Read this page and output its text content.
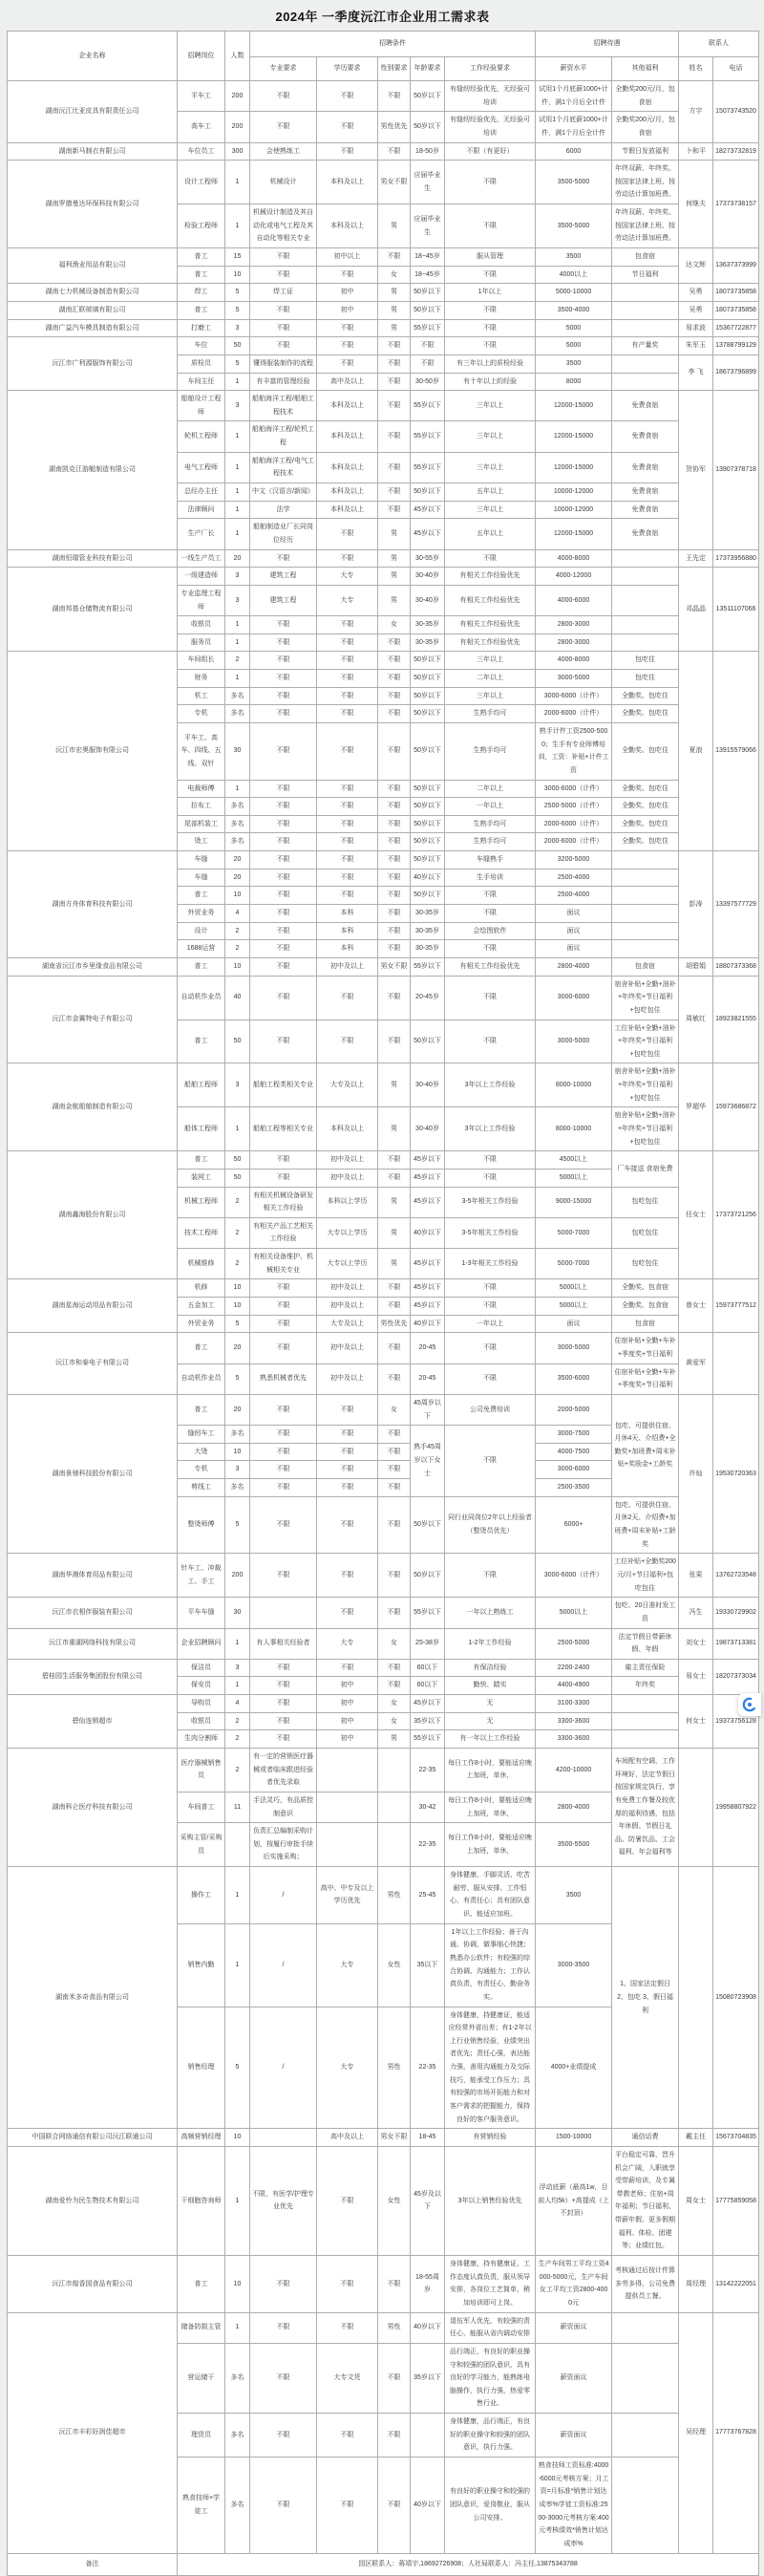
2024年 一季度沅江市企业用工需求表
企业名称	招聘岗位	人数	招聘条件					招聘待遇		联系人	
			专业要求	学历要求	性别要求	年龄要求	工作经验要求	薪资水平	其他福利	姓名	电话
湖南沅江比亚皮具有限责任公司	平车工	200	不限	不限	不限	50岁以下	有缝纫经验优先，无经验可培训	试用1个月底薪1000+计件，满1个月后全计件	全勤奖200元/月，包食宿	方宇	15073743520
	高车工	200	不限	不限	男性优先	50岁以下	有缝纫经验优先，无经验可培训	试用1个月底薪1000+计件，满1个月后全计件	全勤奖200元/月，包食宿		
湖南新马制衣有限公司	车位员工	300	会使熟练工	不限	不限	18-50岁	不限（有更好）	6000	节假日发放福利	卜和平	18273732819
湖南罗德曼达环保科技有限公司	设计工程师	1	机械设计	本科及以上	男女不限	应届毕业生	不限	3500-5000	年终双薪、年终奖、按国家法律上班、按劳动法计算加班费。	何继夫	17373738157
	检验工程师	1	机械设计制造及其自动化或电气工程及其自动化等相关专业	本科及以上	男	应届毕业生	不限	3500-5000	年终双薪、年终奖、按国家法律上班、按劳动法计算加班费。		
福利渔业用品有限公司	普工	15	不限	初中以上	不限	18~45岁	服从管理	3500	包食宿	达文辉	13637373999
	普工	10	不限	不限	女	18~45岁	不限	4000以上	节日福利		
湖南七力机械设备制造有限公司	焊工	5	焊工证	初中	男	50岁以下	1年以上	5000-10000		吴勇	18073735858
湖南汇联玻璃有限公司	普工	5	不限	初中	男	50岁以下	不限	3500-4000		吴勇	18073735858
湖南广益汽车模具制造有限公司	打磨工	3	不限	不限	男	55岁以下	不限	5000		易求波	15367722877
沅江市广利源服饰有限公司	车位	50	不限	不限	不限	不限	不限	5000	有产量奖	朱军玉	13788799129
	质检员	5	懂得服装制作的流程	不限	不限	不限	有三年以上的质检经验	3500		李 飞	18673796899
	车间主任	1	有丰富的管理经验	高中及以上	不限	30-50岁	有十年以上的经验	8000			
湖南凯克江游艇制造有限公司	船舶设计工程师	3	船舶海洋工程/船舶工程技术	本科及以上	不限	55岁以下	三年以上	12000-15000	免费食宿	贺协军	13907378718
	轮机工程师	1	船舶海洋工程/轮机工程	本科及以上	不限	55岁以下	三年以上	12000-15000	免费食宿		
	电气工程师	1	船舶海洋工程/电气工程技术	本科及以上	不限	55岁以下	三年以上	12000-15000	免费食宿		
	总经办主任	1	中文（汉语言/新闻）	本科及以上	不限	50岁以下	五年以上	10000-12000	免费食宿		
	法律顾问	1	法学	本科及以上	不限	45岁以下	三年以上	10000-12000	免费食宿		
	生产厂长	1	船舶制造业厂长同岗位经历	不限	男	45岁以下	五年以上	12000-15000	免费食宿		
湖南恒瑞管业科技有限公司	一线生产员工	20	不限	不限	男	30-55岁	不限	4000-8000		王先定	17373956880
湖南邦基仓储物流有限公司	一级建造师	3	建筑工程	大专	男	30-40岁	有相关工作经验优先	4000-12000		邓晶晶	13511107066
	专业监理工程师	3	建筑工程	大专	男	30-40岁	有相关工作经验优先	4000-6000			
	收银员	1	不限	不限	女	30-35岁	有相关工作经验优先	2800-3000			
	服务员	1	不限	不限	不限	30-35岁	有相关工作经验优先	2800-3000			
沅江市宏奥服饰有限公司	车间组长	2	不限	不限	不限	50岁以下	三年以上	4000-8000	包吃住	夏浪	13915579066
	财务	1	不限	不限	不限	50岁以下	二年以上	3000-5000	包吃住		
	机工	多名	不限	不限	不限	50岁以下	三年以上	3000-6000（计件）	全勤奖、包吃住		
	专机	多名	不限	不限	不限	50岁以下	生熟手均可	2000-6000（计件）	全勤奖、包吃住		
	平车工、高车、四线、五线、双针	30	不限	不限	不限	50岁以下	生熟手均可	熟手计件工资2500-5000；生手有专业师傅培训，工资：补贴+计件工资	全勤奖、包吃住		
	电裁师傅	1	不限	不限	不限	50岁以下	二年以上	3000-6000（计件）	全勤奖、包吃住		
	拉布工	多名	不限	不限	不限	50岁以下	一年以上	2500-5000（计件）	全勤奖、包吃住		
	尾部机装工	多名	不限	不限	不限	50岁以下	生熟手均可	2000-6000（计件）	全勤奖、包吃住		
	烫工	多名	不限	不限	不限	50岁以下	生熟手均可	2000-6000（计件）	全勤奖、包吃住		
湖南方舟体育科技有限公司	车缝	20	不限	不限	不限	50岁以下	车缝熟手	3200-5000		彭涛	13397577729
	车缝	20	不限	不限	不限	40岁以下	生手培训	2500-4000			
	普工	10	不限	不限	不限	50岁以下	不限	2500-4000			
	外贸业务	4	不限	本科	不限	30-35岁	不限	面议			
	设计	2	不限	本科	不限	30-35岁	会绘图软件	面议			
	1688运营	2	不限	本科	不限	30-35岁	不限	面议			
湖南省沅江市乡里缘食品有限公司	普工	10	不限	初中及以上	男女不限	55岁以下	有相关工作经验优先	2800-4000	包食宿	胡碧娟	18807373368
沅江市金翼特电子有限公司	自动机作业员	40	不限	不限	不限	20-45岁	不限	3000-6000	宿舍补贴+全勤+油补+年终奖+节日福利+包吃包住	周敏红	18923821555
	普工	50	不限	不限	不限	50岁以下	不限	3000-5000	工位补贴+全勤+油补+年终奖+节日福利+包吃包住		
湖南金航船舶制造有限公司	船舶工程师	3	船舶工程类相关专业	大专及以上	男	30-40岁	3年以上工作经验	8000-10000	宿舍补贴+全勤+油补+年终奖+节日福利+包吃包住	罗超华	15973686872
	船体工程师	1	船舶工程等相关专业	本科及以上	男	30-40岁	3年以上工作经验	8000-10000	宿舍补贴+全勤+油补+年终奖+节日福利+包吃包住		
湖南鑫海股份有限公司	普工	50	不限	初中及以上	不限	45岁以下	不限	4500以上	厂车接送 食宿免费	任女士	17373721256
	装网工	50	不限	初中及以上	不限	45岁以下	不限	5000以上			
	机械工程师	2	有相关机械设备研发相关工作经验	本科以上学历	男	45岁以下	3-5年相关工作经验	9000-15000	包吃包住		
	技术工程师	2	有相关产品工艺相关工作经验	大专以上学历	男	40岁以下	3-5年相关工作经验	5000-7000	包吃包住		
	机械维修	2	有相关设备维护、机械相关专业	大专以上学历	男	45岁以下	1-3年相关工作经验	5000-7000	包吃包住		
湖南星海运动用品有限公司	机修	10	不限	初中及以上	不限	45岁以下	不限	5000以上	全勤奖、包食宿	曾女士	15973777512
	五金加工	10	不限	初中及以上	不限	45岁以下	不限	5000以上	全勤奖、包食宿		
	外贸业务	5	不限	大专及以上	男性优先	40岁以下	一年以上	面议	包食宿		
沅江市和泰电子有限公司	普工	20	不限	初中及以上	不限	20-45	不限	3000-5000	住宿补贴+全勤+车补+季度奖+节日福利	黄爱军	
	自动机作业员	5	熟悉机械者优先	初中及以上	不限	20-45	不限	3500-6000	住宿补贴+全勤+车补+季度奖+节日福利		
湖南景驰科技股份有限公司	普工	20	不限	不限	女	45周岁以下	公司免费培训	2000-5000	包吃、可提供住宿、月休4天、介绍费+全勤奖+加班费+周末补贴+奖励金+工龄奖	许灿	19530720363
	缝纫车工	多名	不限	不限	不限	熟手45周岁以下女士	不限	3000-7500			
	大烫	10	不限	不限	不限			4000-7500			
	专机	3	不限	不限	不限			3000-6000			
	剪线工	多名	不限	不限	不限			2500-3500			
	整烫师傅	5	不限	不限	不限	50岁以下	同行业同岗位2年以上经验者（整烫员优先）	6000+	包吃、可提供住宿、月休2天、介绍费+加班费+周末补贴+工龄奖		
湖南华湘体育用品有限公司	针车工、冲裁工、手工	200	不限	不限	不限	50岁以下	不限	3000-6000（计件）	工位补贴+全勤奖200元/月+节日福利+包吃包住	张果	13762723548
沅江市衣相伴服装有限公司	平车车缝	30		不限	不限	55岁以下	一年以上熟练工	5000以上	包吃、20日准时发工资	冯生	19330729902
沅江市重湖网络科技有限公司	企业招聘顾问	1	有人事相关经验者	大专	女	25-38岁	1-2年工作经验	2500-5000	法定节假日带薪休假、年假	刘女士	19873713381
碧桂园生活服务集团股份有限公司	保洁员	3	不限	不限	不限	60以下	有保洁经验	2200-2400	雇主责任保险	易女士	18207373034
	保安员	1	不限	初中	不限	60以下	勤快、踏实	4400-4900	年终奖		
碧仙连锁超市	导购员	4	不限	初中	女	45岁以下	无	3100-3300		何女士	19373756128
	收银员	2	不限	初中	女	35岁以下	无	3300-3600			
	生肉分割师	2	不限	初中	男	55岁以下	有一年以上工作经验	3300-3600			
湖南科仑医疗科技有限公司	医疗器械销售员	2	有一定的营销医疗器械或者临床跟进经验者优先录取			22-35	每日工作8小时，要能适应晚上加班，单休，	4200-10000	车间配有空调，工作环境好，法定节假日按国家规定执行，享有免费工作餐及较优厚的福利待遇，包括年休假、节假日礼品、防暑饮品、工会福利、年会福利等		19958807922
	车间普工	11	手法灵巧，有品质控制意识			30-42	每日工作8小时，要能适应晚上加班，单休，	2800-4000			
	采购主管/采购员		负责汇总编制采购计划，按履行审批手续后实施采购；			22-35	每日工作8小时，要能适应晚上加班，单休，	3500-5500			
湖南米多奇食品有限公司	操作工	1	/	高中、中专及以上学历优先	男性	25-45	身体健康、手脚灵活、吃苦耐劳、服从安排、工作恒心、有责任心；具有团队意识、能适应加班。	3500	1、国家法定假日 2、包吃 3、假日福利		15080723908
	销售内勤	1	/	大专	女性	35以下	1年以上工作经验；善于沟通、协调，做事细心快捷；熟悉办公软件；有较强的综合协调、沟通能力；工作认真负责，有责任心，勤奋务实。	3000-3500			
	销售经理	5	/	大专	男性	22-35	身体健康，持健康证，能适应经常外省出差；有1-2年以上行业销售经验，业绩突出者优先；责任心强，表达能力强，善用沟通能力及交际技巧，能承受工作压力；具有较强的市场开拓能力和对客户需求的把握能力，保持良好的客户服务意识。	4000+业绩提成			
中国联合网络通信有限公司沅江联通公司	高频营销经理	10		高中及以上	男女不限	18-45	有营销经验	1500-10000	通信话费	戴主任	15673704835
湖南爱怜为民生物技术有限公司	干细胞咨询师	1	不限，有医学/护理专业优先	不限	女性	45岁及以下	3年以上销售经验优先	浮动底薪（最高1w，目前人均5k）+高提成（上不封顶）	平台稳定可靠，晋升机会广阔，入职就享受带薪培训，及专属带教老师；住宿+周年福利；节日福利、带薪年假、更多假期福利、体检、团建等；业绩红包。	周女士	17775859058
沅江市煌香园食品有限公司	普工	10	不限	不限	不限	18-55周岁	身体健康，持有健康证，工作态度认真负责，服从领导安排，各岗位工艺简单，稍加培训即可上岗。	生产车间男工平均工资4000-5000元，生产车间女工平均工资2800-4000元	考核通过后按计件算多劳多得，公司免费提供员工餐。	周经理	13142222051
沅江市丰彩好润佳超市	储备防损主管	1	不限	不限	男性	40岁以下	退伍军人优先，有较强的责任心，能服从省内调动安排	薪资面议		吴经理	17773767828
	营运储干	多名	不限	大专文凭	不限	35岁以下	品行端正，有良好的职业操守和较强的团队意识，具有良好的学习能力，能熟练电脑操作，执行力强，热爱零售行业。	薪资面议			
	理货员	多名	不限	不限	不限		身体健康，品行端正，有良好的职业操守和较强的团队意识，执行力强。	薪资面议			
	熟食技师+学徒工	多名	不限	不限	不限	40岁以下	有良好的职业操守和较强的团队意识，爱岗敬业，服从公司安排。	熟食技师工资标准:4000-6000元考核方案；月工资=月标准*销售计划达成率%学徒工资标准:2500-3000元考核方案:400元考核绩效*销售计划达成率%			
备注	园区联系人：蒋靖宇,18692726908；人社局联系人：冯主任,13875343788										
